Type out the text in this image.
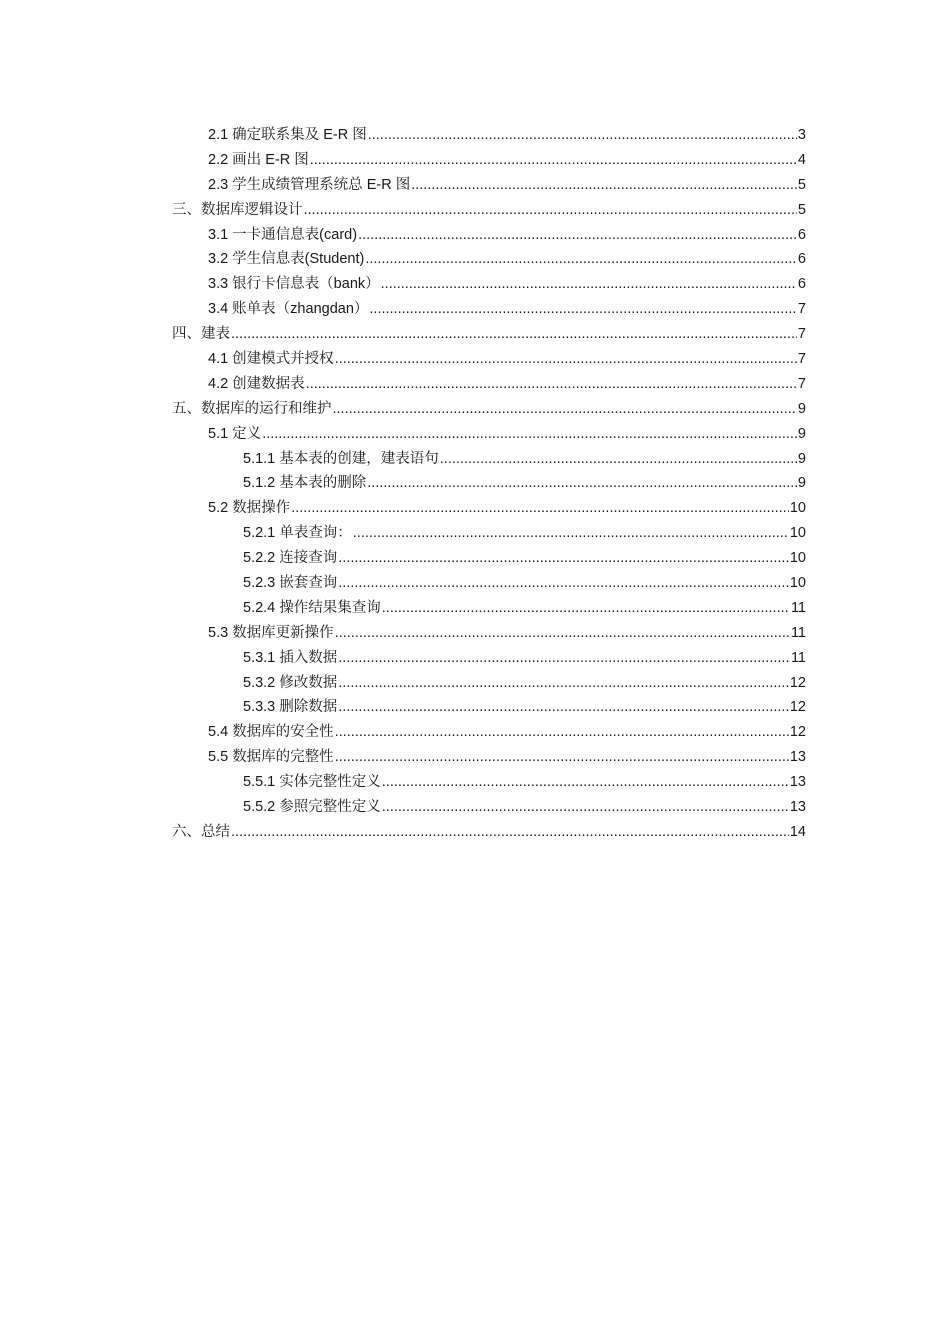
2.1 确定联系集及 E-R 图 .....	3
2.2 画出 E-R 图 .....	4
2.3 学生成绩管理系统总 E-R 图 .....	5
三、数据库逻辑设计 .....	5
3.1 一卡通信息表(card) .....	6
3.2 学生信息表(Student) .....	6
3.3 银行卡信息表（bank） .....	6
3.4 账单表（zhangdan） .....	7
四、建表 .....	7
4.1 创建模式并授权 .....	7
4.2 创建数据表 .....	7
五、数据库的运行和维护 .....	9
5.1 定义 .....	9
5.1.1 基本表的创建，建表语句 .....	9
5.1.2 基本表的删除 .....	9
5.2 数据操作 .....	10
5.2.1 单表查询： .....	10
5.2.2 连接查询 .....	10
5.2.3 嵌套查询 .....	10
5.2.4 操作结果集查询 .....	11
5.3 数据库更新操作 .....	11
5.3.1 插入数据 .....	11
5.3.2 修改数据 .....	12
5.3.3 删除数据 .....	12
5.4 数据库的安全性 .....	12
5.5 数据库的完整性 .....	13
5.5.1 实体完整性定义 .....	13
5.5.2 参照完整性定义 .....	13
六、总结 .....	14
